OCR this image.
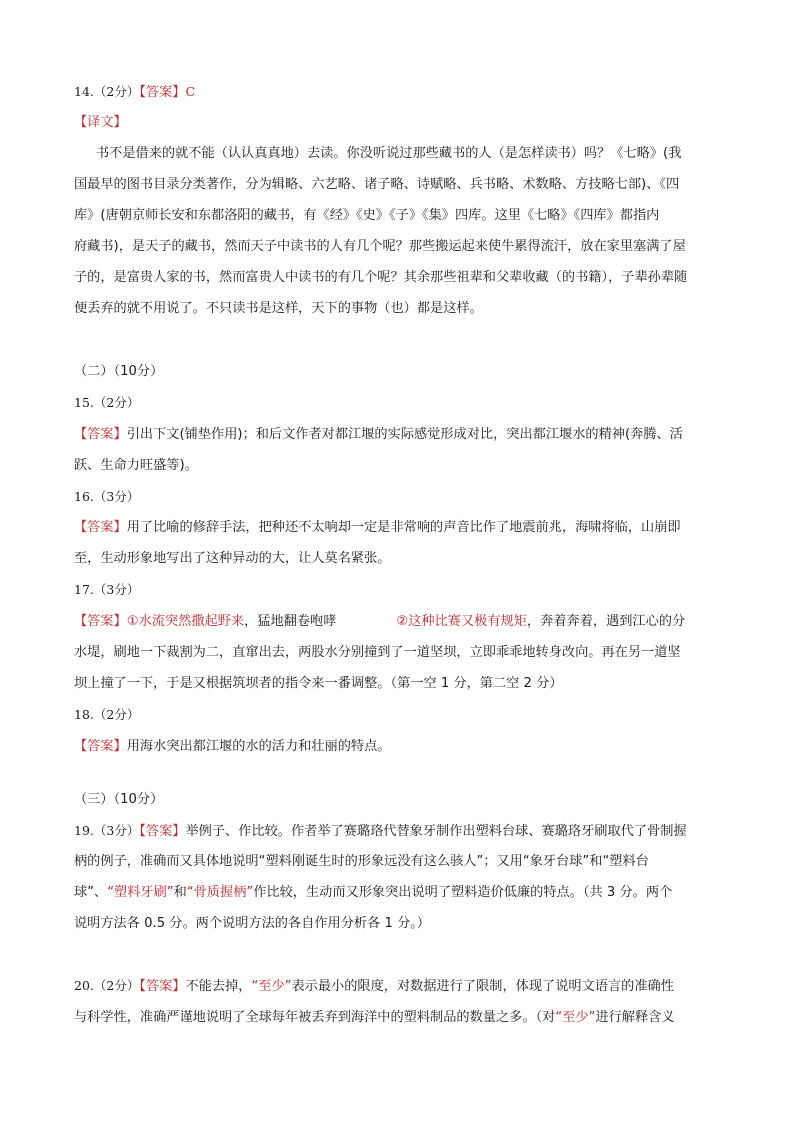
14.（2分）【答案】C
【译文】
书不是借来的就不能（认认真真地）去读。你没听说过那些藏书的人（是怎样读书）吗？《七略》(我
国最早的图书目录分类著作，分为辑略、六艺略、诸子略、诗赋略、兵书略、术数略、方技略七部)、《四
库》(唐朝京师长安和东都洛阳的藏书，有《经》《史》《子》《集》四库。这里《七略》《四库》都指内
府藏书)，是天子的藏书，然而天子中读书的人有几个呢？那些搬运起来使牛累得流汗，放在家里塞满了屋
子的，是富贵人家的书，然而富贵人中读书的有几个呢？其余那些祖辈和父辈收藏（的书籍），子辈孙辈随
便丢弃的就不用说了。不只读书是这样，天下的事物（也）都是这样。
（二）（10分）
15.（2分）
【答案】引出下文(铺垫作用)；和后文作者对都江堰的实际感觉形成对比，突出都江堰水的精神(奔腾、活
跃、生命力旺盛等)。
16.（3分）
【答案】用了比喻的修辞手法，把种还不太响却一定是非常响的声音比作了地震前兆，海啸将临，山崩即
至，生动形象地写出了这种异动的大，让人莫名紧张。
17.（3分）
【答案】①水流突然撒起野来，猛地翻卷咆哮	②这种比赛又极有规矩，奔着奔着，遇到江心的分
水堤，刷地一下裁割为二，直窜出去，两股水分别撞到了一道坚坝，立即乖乖地转身改向。再在另一道坚
坝上撞了一下，于是又根据筑坝者的指令来一番调整。（第一空 1 分，第二空 2 分）
18.（2分）
【答案】用海水突出都江堰的水的活力和壮丽的特点。
（三）（10分）
19.（3分）【答案】举例子、作比较。作者举了赛璐珞代替象牙制作出塑料台球、赛璐珞牙刷取代了骨制握
柄的例子，准确而又具体地说明“塑料刚诞生时的形象远没有这么骇人”；又用“象牙台球”和“塑料台
球”、“塑料牙刷”和“骨质握柄”作比较，生动而又形象突出说明了塑料造价低廉的特点。（共 3 分。两个
说明方法各 0.5 分。两个说明方法的各自作用分析各 1 分。）
20.（2分）【答案】不能去掉，“至少”表示最小的限度，对数据进行了限制，体现了说明文语言的准确性
与科学性，准确严谨地说明了全球每年被丢弃到海洋中的塑料制品的数量之多。（对“至少”进行解释含义
